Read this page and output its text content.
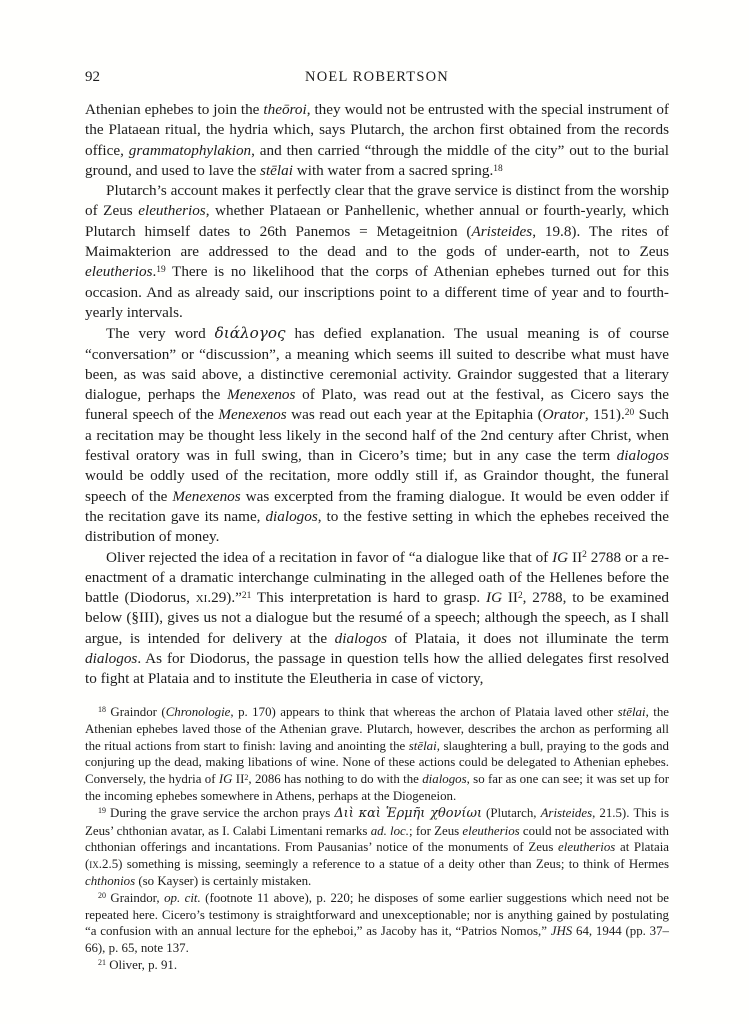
92	NOEL ROBERTSON

Athenian ephebes to join the theōroi, they would not be entrusted with the special instrument of the Plataean ritual, the hydria which, says Plutarch, the archon first obtained from the records office, grammatophylakion, and then carried “through the middle of the city” out to the burial ground, and used to lave the stēlai with water from a sacred spring.$^{18}$

Plutarch’s account makes it perfectly clear that the grave service is distinct from the worship of Zeus eleutherios, whether Plataean or Panhellenic, whether annual or fourth-yearly, which Plutarch himself dates to 26th Panemos = Metageitnion (Aristeides, 19.8). The rites of Maimakterion are addressed to the dead and to the gods of under-earth, not to Zeus eleutherios.$^{19}$ There is no likelihood that the corps of Athenian ephebes turned out for this occasion. And as already said, our inscriptions point to a different time of year and to fourth-yearly intervals.

The very word διάλογος has defied explanation. The usual meaning is of course “conversation” or “discussion”, a meaning which seems ill suited to describe what must have been, as was said above, a distinctive ceremonial activity. Graindor suggested that a literary dialogue, perhaps the Menexenos of Plato, was read out at the festival, as Cicero says the funeral speech of the Menexenos was read out each year at the Epitaphia (Orator, 151).$^{20}$ Such a recitation may be thought less likely in the second half of the 2nd century after Christ, when festival oratory was in full swing, than in Cicero’s time; but in any case the term dialogos would be oddly used of the recitation, more oddly still if, as Graindor thought, the funeral speech of the Menexenos was excerpted from the framing dialogue. It would be even odder if the recitation gave its name, dialogos, to the festive setting in which the ephebes received the distribution of money.

Oliver rejected the idea of a recitation in favor of “a dialogue like that of IG II$^2$ 2788 or a re-enactment of a dramatic interchange culminating in the alleged oath of the Hellenes before the battle (Diodorus, xi.29).”$^{21}$ This interpretation is hard to grasp. IG II$^2$, 2788, to be examined below (§III), gives us not a dialogue but the resumé of a speech; although the speech, as I shall argue, is intended for delivery at the dialogos of Plataia, it does not illuminate the term dialogos. As for Diodorus, the passage in question tells how the allied delegates first resolved to fight at Plataia and to institute the Eleutheria in case of victory,

$^{18}$ Graindor (Chronologie, p. 170) appears to think that whereas the archon of Plataia laved other stēlai, the Athenian ephebes laved those of the Athenian grave. Plutarch, however, describes the archon as performing all the ritual actions from start to finish: laving and anointing the stēlai, slaughtering a bull, praying to the gods and conjuring up the dead, making libations of wine. None of these actions could be delegated to Athenian ephebes. Conversely, the hydria of IG II$^2$, 2086 has nothing to do with the dialogos, so far as one can see; it was set up for the incoming ephebes somewhere in Athens, perhaps at the Diogeneion.

$^{19}$ During the grave service the archon prays Διὶ καὶ Ἑρμῆι χθονίωι (Plutarch, Aristeides, 21.5). This is Zeus’ chthonian avatar, as I. Calabi Limentani remarks ad. loc.; for Zeus eleutherios could not be associated with chthonian offerings and incantations. From Pausanias’ notice of the monuments of Zeus eleutherios at Plataia (ix.2.5) something is missing, seemingly a reference to a statue of a deity other than Zeus; to think of Hermes chthonios (so Kayser) is certainly mistaken.

$^{20}$ Graindor, op. cit. (footnote 11 above), p. 220; he disposes of some earlier suggestions which need not be repeated here. Cicero’s testimony is straightforward and unexceptionable; nor is anything gained by postulating “a confusion with an annual lecture for the epheboi,” as Jacoby has it, “Patrios Nomos,” JHS 64, 1944 (pp. 37–66), p. 65, note 137.

$^{21}$ Oliver, p. 91.
